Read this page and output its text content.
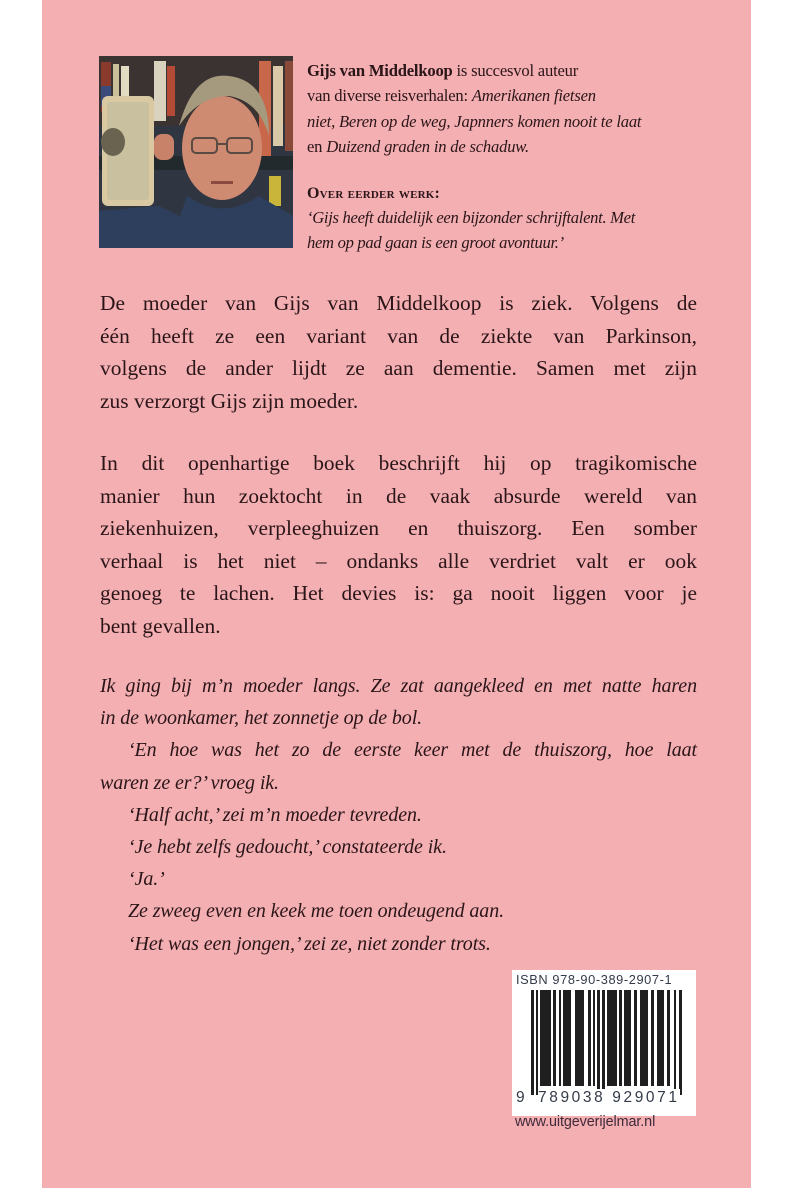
Gijs van Middelkoop is succesvol auteur
van diverse reisverhalen: Amerikanen fietsen
niet, Beren op de weg, Japnners komen nooit te laat
en Duizend graden in de schaduw.
Over eerder werk:
‘Gijs heeft duidelijk een bijzonder schrijftalent. Met
hem op pad gaan is een groot avontuur.’
De moeder van Gijs van Middelkoop is ziek. Volgens de
één heeft ze een variant van de ziekte van Parkinson,
volgens de ander lijdt ze aan dementie. Samen met zijn
zus verzorgt Gijs zijn moeder.
In dit openhartige boek beschrijft hij op tragikomische
manier hun zoektocht in de vaak absurde wereld van
ziekenhuizen, verpleeghuizen en thuiszorg. Een somber
verhaal is het niet – ondanks alle verdriet valt er ook
genoeg te lachen. Het devies is: ga nooit liggen voor je
bent gevallen.
Ik ging bij m’n moeder langs. Ze zat aangekleed en met natte haren
in de woonkamer, het zonnetje op de bol.
‘En hoe was het zo de eerste keer met de thuiszorg, hoe laat
waren ze er?’ vroeg ik.
‘Half acht,’ zei m’n moeder tevreden.
‘Je hebt zelfs gedoucht,’ constateerde ik.
‘Ja.’
Ze zweeg even en keek me toen ondeugend aan.
‘Het was een jongen,’ zei ze, niet zonder trots.
ISBN 978-90-389-2907-1
9 789038 929071
www.uitgeverijelmar.nl
